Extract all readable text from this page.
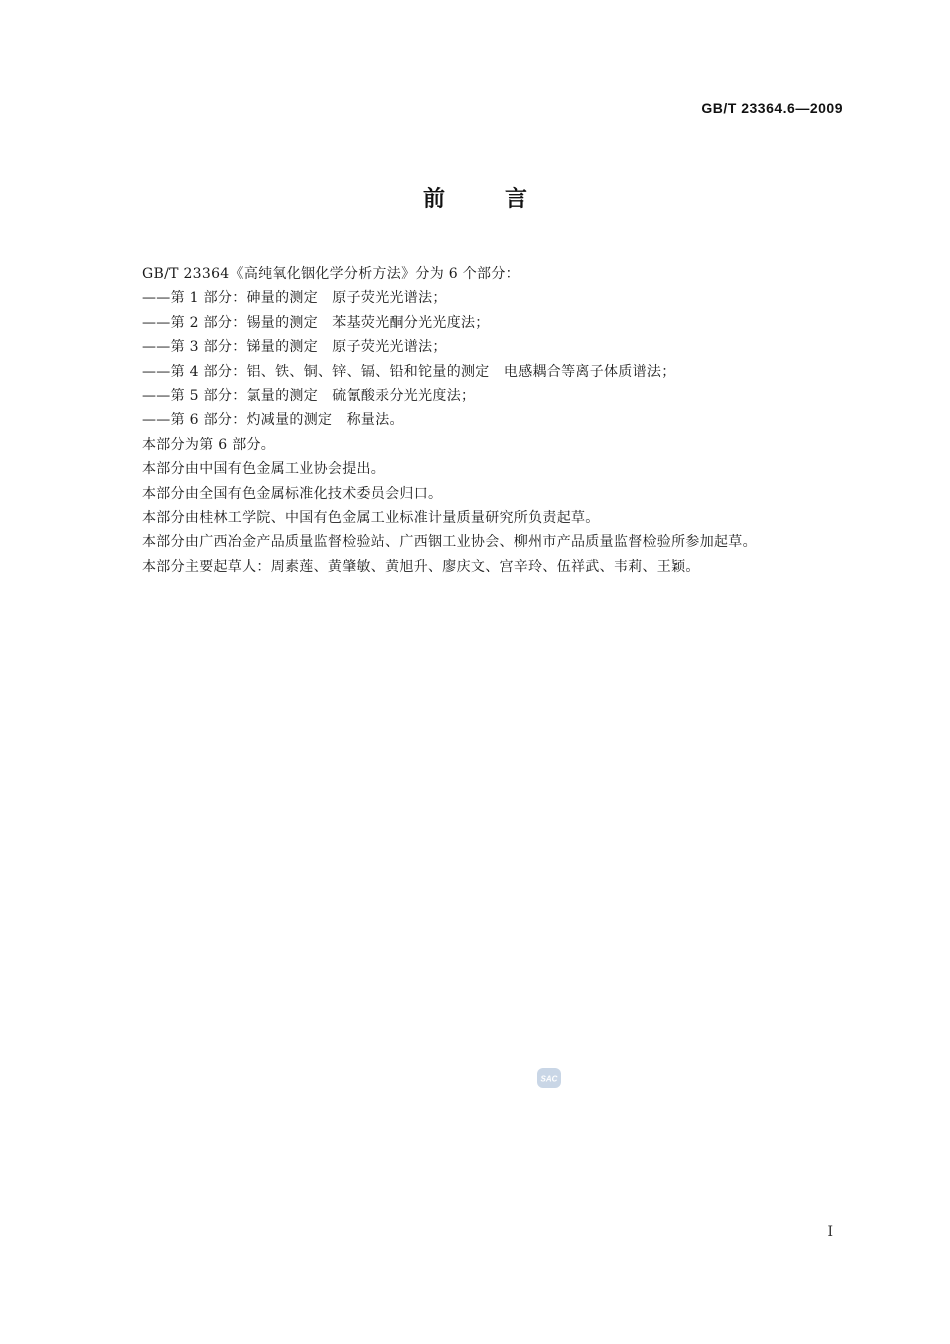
GB/T 23364.6—2009
前言
GB/T 23364《高纯氧化铟化学分析方法》分为 6 个部分：
——第 1 部分：砷量的测定　原子荧光光谱法；
——第 2 部分：锡量的测定　苯基荧光酮分光光度法；
——第 3 部分：锑量的测定　原子荧光光谱法；
——第 4 部分：铝、铁、铜、锌、镉、铅和铊量的测定　电感耦合等离子体质谱法；
——第 5 部分：氯量的测定　硫氰酸汞分光光度法；
——第 6 部分：灼减量的测定　称量法。
本部分为第 6 部分。
本部分由中国有色金属工业协会提出。
本部分由全国有色金属标准化技术委员会归口。
本部分由桂林工学院、中国有色金属工业标准计量质量研究所负责起草。
本部分由广西冶金产品质量监督检验站、广西铟工业协会、柳州市产品质量监督检验所参加起草。
本部分主要起草人：周素莲、黄肇敏、黄旭升、廖庆文、宫辛玲、伍祥武、韦莉、王颖。
SAC
I
